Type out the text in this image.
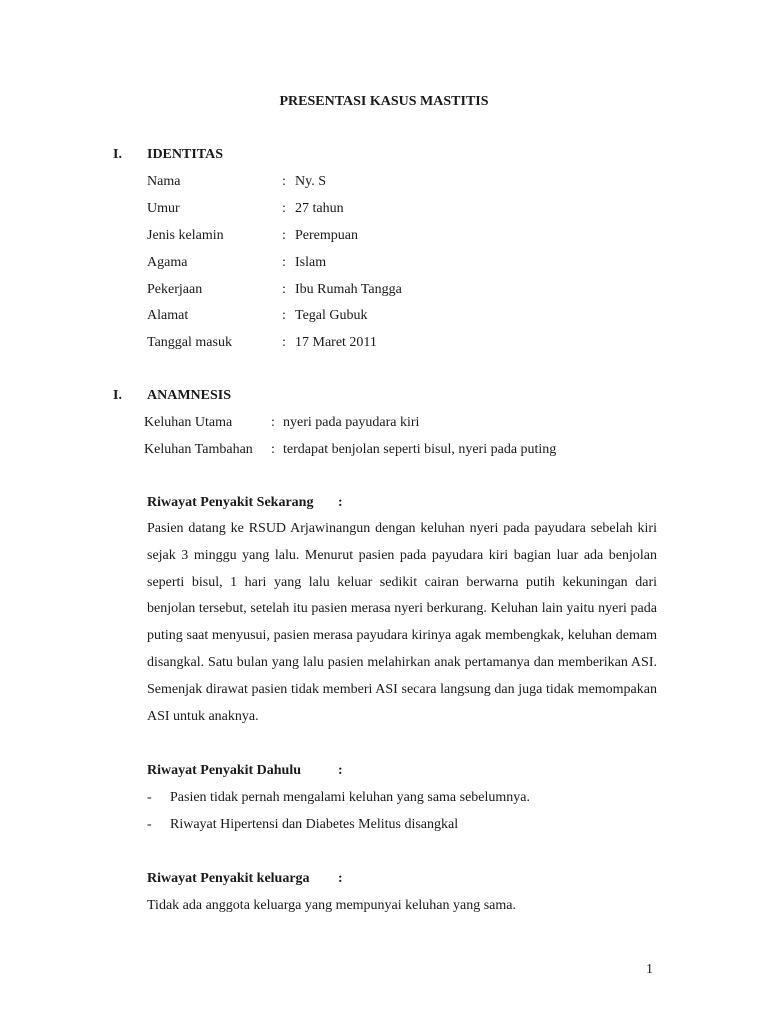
PRESENTASI KASUS MASTITIS
I. IDENTITAS
Nama	: Ny. S
Umur	: 27 tahun
Jenis kelamin	: Perempuan
Agama	: Islam
Pekerjaan	: Ibu Rumah Tangga
Alamat	: Tegal Gubuk
Tanggal masuk	: 17 Maret 2011
I. ANAMNESIS
Keluhan Utama	: nyeri pada payudara kiri
Keluhan Tambahan : terdapat benjolan seperti bisul, nyeri pada puting
Riwayat Penyakit Sekarang :
Pasien datang ke RSUD Arjawinangun dengan keluhan nyeri pada payudara sebelah kiri sejak 3 minggu yang lalu. Menurut pasien pada payudara kiri bagian luar ada benjolan seperti bisul, 1 hari yang lalu keluar sedikit cairan berwarna putih kekuningan dari benjolan tersebut, setelah itu pasien merasa nyeri berkurang. Keluhan lain yaitu nyeri pada puting saat menyusui, pasien merasa payudara kirinya agak membengkak, keluhan demam disangkal. Satu bulan yang lalu pasien melahirkan anak pertamanya dan memberikan ASI. Semenjak dirawat pasien tidak memberi ASI secara langsung dan juga tidak memompakan ASI untuk anaknya.
Riwayat Penyakit Dahulu	:
- Pasien tidak pernah mengalami keluhan yang sama sebelumnya.
- Riwayat Hipertensi dan Diabetes Melitus disangkal
Riwayat Penyakit keluarga :
Tidak ada anggota keluarga yang mempunyai keluhan yang sama.
1
